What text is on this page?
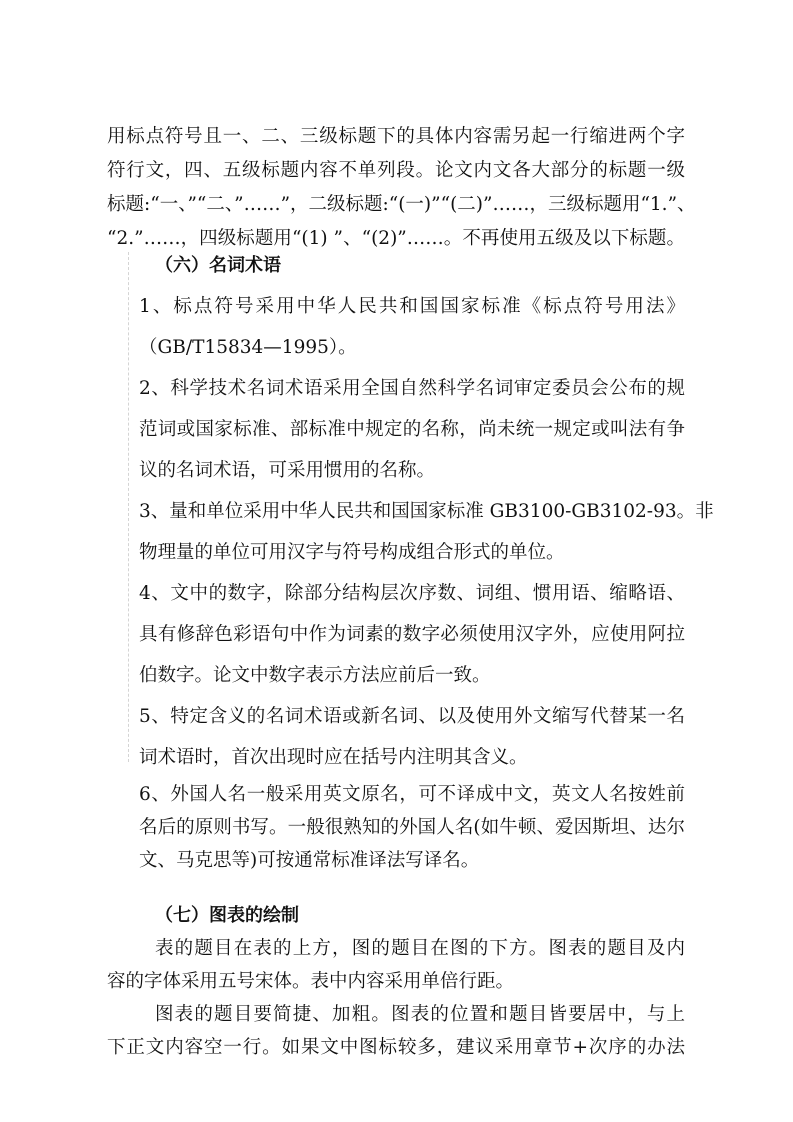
用标点符号且一、二、三级标题下的具体内容需另起一行缩进两个字
符行文，四、五级标题内容不单列段。论文内文各大部分的标题一级
标题:“一、”“二、”……”，二级标题:“(一)”“(二)”……，三级标题用“1.”、
“2.”……，四级标题用“(1) ”、“(2)”……。不再使用五级及以下标题。
（六）名词术语
1、标点符号采用中华人民共和国国家标准《标点符号用法》
（GB/T15834—1995）。
2、科学技术名词术语采用全国自然科学名词审定委员会公布的规
范词或国家标准、部标准中规定的名称，尚未统一规定或叫法有争
议的名词术语，可采用惯用的名称。
3、量和单位采用中华人民共和国国家标准 GB3100-GB3102-93。非
物理量的单位可用汉字与符号构成组合形式的单位。
4、文中的数字，除部分结构层次序数、词组、惯用语、缩略语、
具有修辞色彩语句中作为词素的数字必须使用汉字外，应使用阿拉
伯数字。论文中数字表示方法应前后一致。
5、特定含义的名词术语或新名词、以及使用外文缩写代替某一名
词术语时，首次出现时应在括号内注明其含义。
6、外国人名一般采用英文原名，可不译成中文，英文人名按姓前
名后的原则书写。一般很熟知的外国人名(如牛顿、爱因斯坦、达尔
文、马克思等)可按通常标准译法写译名。
（七）图表的绘制
表的题目在表的上方，图的题目在图的下方。图表的题目及内
容的字体采用五号宋体。表中内容采用单倍行距。
图表的题目要简捷、加粗。图表的位置和题目皆要居中，与上
下正文内容空一行。如果文中图标较多，建议采用章节+次序的办法
